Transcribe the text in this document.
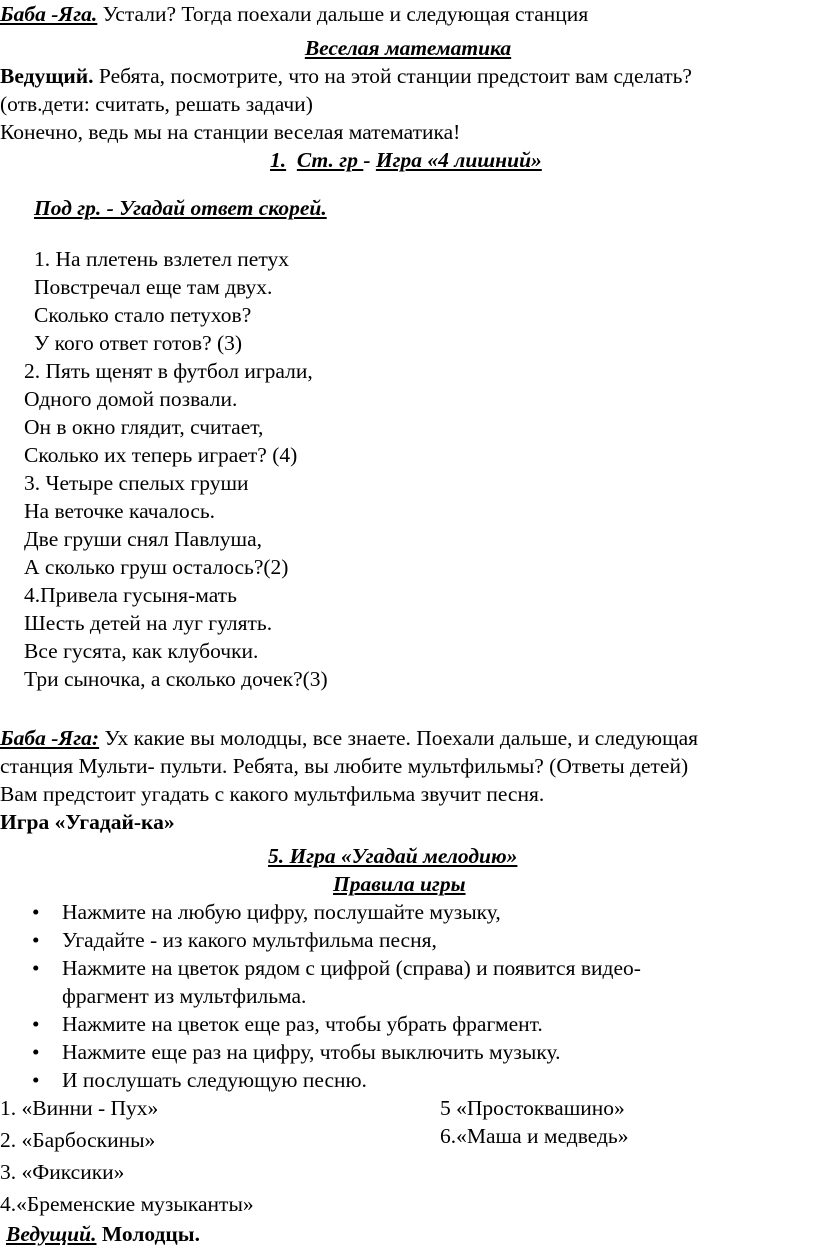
Баба -Яга. Устали? Тогда поехали дальше и следующая станция
Веселая математика
Ведущий. Ребята, посмотрите, что на этой станции предстоит вам сделать?
(отв.дети: считать, решать задачи)
Конечно, ведь мы на станции веселая математика!
1. Ст. гр - Игра «4 лишний»
Под гр. - Угадай ответ скорей.
1. На плетень взлетел петух
Повстречал еще там двух.
Сколько стало петухов?
У кого ответ готов? (3)
2. Пять щенят в футбол играли,
Одного домой позвали.
Он в окно глядит, считает,
Сколько их теперь играет? (4)
3. Четыре спелых груши
На веточке качалось.
Две груши снял Павлуша,
А сколько груш осталось?(2)
4.Привела гусыня-мать
Шесть детей на луг гулять.
Все гусята, как клубочки.
Три сыночка, а сколько дочек?(3)
Баба -Яга: Ух какие вы молодцы, все знаете. Поехали дальше, и следующая
станция Мульти- пульти. Ребята, вы любите мультфильмы? (Ответы детей)
Вам предстоит угадать с какого мультфильма звучит песня.
Игра «Угадай-ка»
5. Игра «Угадай мелодию»
Правила игры
• Нажмите на любую цифру, послушайте музыку,
• Угадайте - из какого мультфильма песня,
• Нажмите на цветок рядом с цифрой (справа) и появится видео-
фрагмент из мультфильма.
• Нажмите на цветок еще раз, чтобы убрать фрагмент.
• Нажмите еще раз на цифру, чтобы выключить музыку.
• И послушать следующую песню.
1. «Винни - Пух»
2. «Барбоскины»
3. «Фиксики»
4.«Бременские музыканты»
5 «Простоквашино»
6.«Маша и медведь»
Ведущий. Молодцы.
